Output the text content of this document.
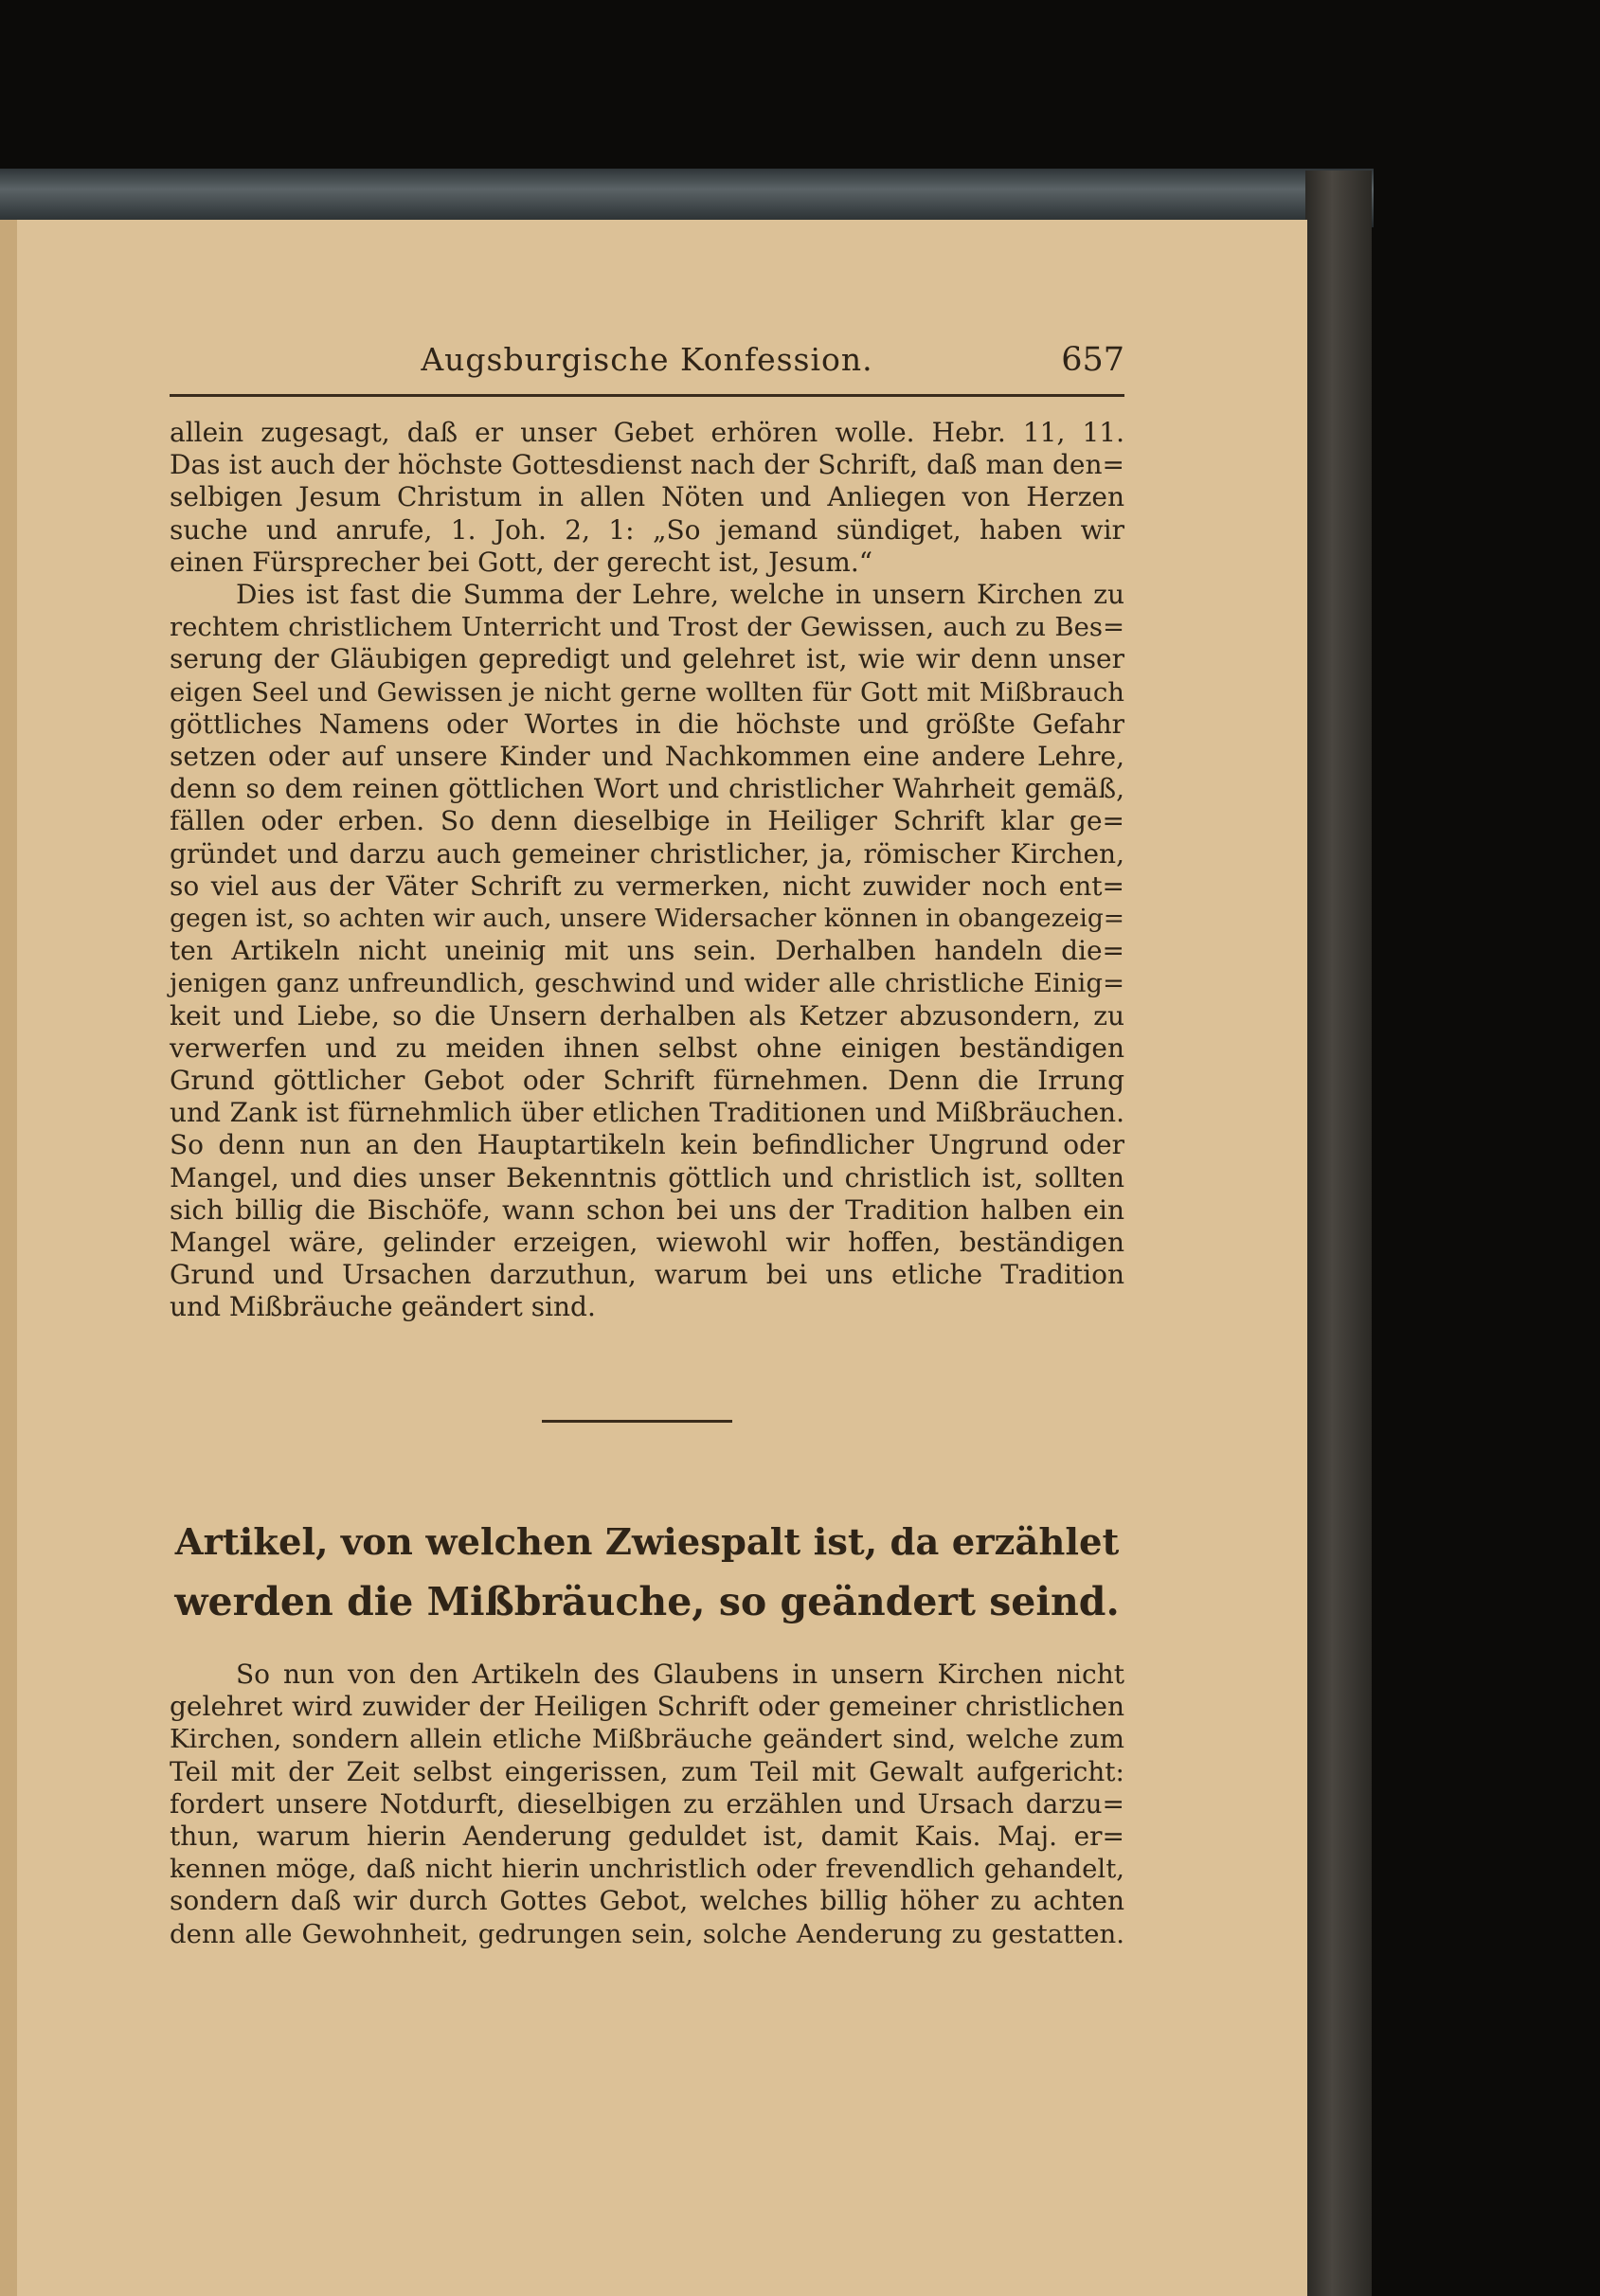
Augsburgische Konfession.	657
allein zugesagt, daß er unser Gebet erhören wolle. Hebr. 11, 11.
Das ist auch der höchste Gottesdienst nach der Schrift, daß man den=
selbigen Jesum Christum in allen Nöten und Anliegen von Herzen
suche und anrufe, 1. Joh. 2, 1: „So jemand sündiget, haben wir
einen Fürsprecher bei Gott, der gerecht ist, Jesum.“
Dies ist fast die Summa der Lehre, welche in unsern Kirchen zu
rechtem christlichem Unterricht und Trost der Gewissen, auch zu Bes=
serung der Gläubigen gepredigt und gelehret ist, wie wir denn unser
eigen Seel und Gewissen je nicht gerne wollten für Gott mit Mißbrauch
göttliches Namens oder Wortes in die höchste und größte Gefahr
setzen oder auf unsere Kinder und Nachkommen eine andere Lehre,
denn so dem reinen göttlichen Wort und christlicher Wahrheit gemäß,
fällen oder erben. So denn dieselbige in Heiliger Schrift klar ge=
gründet und darzu auch gemeiner christlicher, ja, römischer Kirchen,
so viel aus der Väter Schrift zu vermerken, nicht zuwider noch ent=
gegen ist, so achten wir auch, unsere Widersacher können in obangezeig=
ten Artikeln nicht uneinig mit uns sein. Derhalben handeln die=
jenigen ganz unfreundlich, geschwind und wider alle christliche Einig=
keit und Liebe, so die Unsern derhalben als Ketzer abzusondern, zu
verwerfen und zu meiden ihnen selbst ohne einigen beständigen
Grund göttlicher Gebot oder Schrift fürnehmen. Denn die Irrung
und Zank ist fürnehmlich über etlichen Traditionen und Mißbräuchen.
So denn nun an den Hauptartikeln kein befindlicher Ungrund oder
Mangel, und dies unser Bekenntnis göttlich und christlich ist, sollten
sich billig die Bischöfe, wann schon bei uns der Tradition halben ein
Mangel wäre, gelinder erzeigen, wiewohl wir hoffen, beständigen
Grund und Ursachen darzuthun, warum bei uns etliche Tradition
und Mißbräuche geändert sind.
Artikel, von welchen Zwiespalt ist, da erzählet
werden die Mißbräuche, so geändert seind.
So nun von den Artikeln des Glaubens in unsern Kirchen nicht
gelehret wird zuwider der Heiligen Schrift oder gemeiner christlichen
Kirchen, sondern allein etliche Mißbräuche geändert sind, welche zum
Teil mit der Zeit selbst eingerissen, zum Teil mit Gewalt aufgericht:
fordert unsere Notdurft, dieselbigen zu erzählen und Ursach darzu=
thun, warum hierin Aenderung geduldet ist, damit Kais. Maj. er=
kennen möge, daß nicht hierin unchristlich oder frevendlich gehandelt,
sondern daß wir durch Gottes Gebot, welches billig höher zu achten
denn alle Gewohnheit, gedrungen sein, solche Aenderung zu gestatten.
